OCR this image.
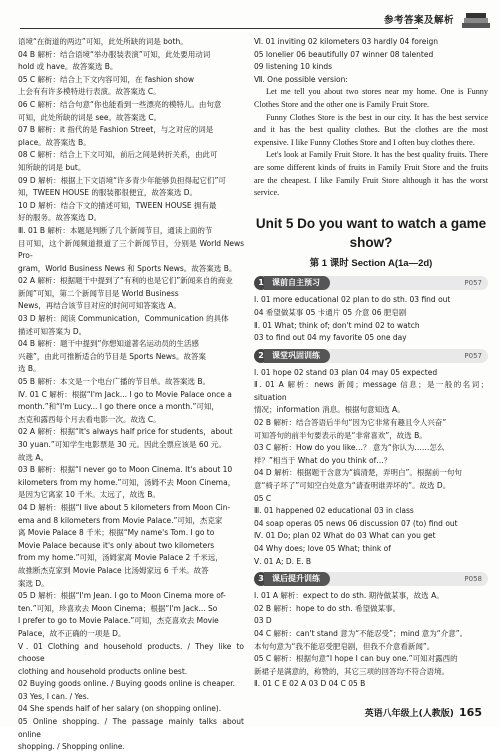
参考答案及解析

语境“在街道的两边”可知，此处所缺的词是 both。

04 B 解析：结合语境“举办服装表演”可知，此处要用动词

hold 或 have。故答案选 B。

05 C 解析：结合上下文内容可知，在 fashion show

上会有有许多模特进行表演。故答案选 C。

06 C 解析：结合句意“你也能看到一些漂亮的模特儿。由句意

可知，此处所缺的词是 see。故答案选 C。

07 B 解析：it 指代的是 Fashion Street，与之对应的词是

place。故答案选 B。

08 C 解析：结合上下文可知，前后之间是转折关系，由此可

知所缺的词是 but。

09 D 解析：根据上下文语境“许多青少年能够负担得起它们”可

知，TWEEN HOUSE 的服装都很便宜，故答案选 D。

10 D 解析：结合下文的描述可知，TWEEN HOUSE 拥有最

好的服务。故答案选 D。

Ⅲ. 01 B 解析：本题是判断了几个新闻节目，通读上面的节

目可知，这个新闻频道报道了三个新闻节目，分别是 World News Pro-

gram，World Business News 和 Sports News。故答案选 B。

02 A 解析：根据题干中提到了“有利的也是它们”新闻来自的商业

新闻”可知，第二个新闻节目是 World Business

News，再结合该节目对应的时间可知答案选 A。

03 D 解析：阅读 Communication，Communication 的具体

描述可知答案为 D。

04 B 解析：题干中提到“你想知道著名运动员的生活感

兴趣”，由此可推断适合的节目是 Sports News。故答案

选 B。

05 B 解析：本文是一个电台广播的节目单。故答案选 B。

Ⅳ. 01 C 解析：根据“I'm Jack... I go to Movie Palace once a

month.”和“I'm Lucy... I go there once a month.”可知，

杰克和露西每个月去看电影一次。故选 C。

02 A 解析：根据“It's always half price for students，about

30 yuan.”可知学生电影票是 30 元。因此全票应该是 60 元。

故选 A。

03 B 解析：根据“I never go to Moon Cinema. It's about 10

kilometers from my home.”可知，汤姆不去 Moon Cinema，

是因为它离家 10 千米。太远了，故选 B。

04 D 解析：根据“I live about 5 kilometers from Moon Cin-

ema and 8 kilometers from Movie Palace.”可知，杰克家

离 Movie Palace 8 千米；根据“My name's Tom. I go to

Movie Palace because it's only about two kilometers

from my home.”可知，汤姆家离 Movie Palace 2 千米远，

故推断杰克家到 Movie Palace 比汤姆家远 6 千米。故答

案选 D。

05 D 解析：根据“I'm Jean. I go to Moon Cinema more of-

ten.”可知，珍喜欢去 Moon Cinema；根据“I'm Jack... So

I prefer to go to Movie Palace.”可知，杰克喜欢去 Movie

Palace，故不正确的一项是 D。

Ⅴ. 01 Clothing and household products. / They like to choose

clothing and household products online best.

02 Buying goods online. / Buying goods online is cheaper.

03 Yes, I can. / Yes.

04 She spends half of her salary (on shopping online).

05 Online shopping. / The passage mainly talks about online

shopping. / Shopping online.

Ⅵ. 01 inviting 02 kilometers 03 hardly 04 foreign

05 lonelier 06 beautifully 07 winner 08 talented

09 listening 10 kinds

Ⅶ. One possible version:

Let me tell you about two stores near my home. One is Funny Clothes Store and the other one is Family Fruit Store.

Funny Clothes Store is the best in our city. It has the best service and it has the best quality clothes. But the clothes are the most expensive. I like Funny Clothes Store and I often buy clothes there.

Let's look at Family Fruit Store. It has the best quality fruits. There are some different kinds of fruits in Family Fruit Store and the fruits are the cheapest. I like Family Fruit Store although it has the worst service.

Unit 5 Do you want to watch a game show?
第 1 课时 Section A(1a—2d)
1	课前自主预习	P057

Ⅰ. 01 more educational 02 plan to do sth. 03 find out

04 希望做某事 05 卡通片 05 介意 06 肥皂剧

Ⅱ. 01 What; think of; don't mind 02 to watch

03 to find out 04 my favorite 05 one day

2	课堂巩固训练	P057

Ⅰ. 01 hope 02 stand 03 plan 04 may 05 expected

Ⅱ. 01 A 解析：news 新闻；message 信息；是一般的名词；situation

情况；information 消息。根据句意知选 A。

02 B 解析：结合答语后半句“因为它非常有趣且令人兴奋”

可知答句的前半句要表示的是“非常喜欢”，故选 B。

03 C 解析：How do you like…？ 意为“你认为……怎么

样？”相当于 What do you think of…？

04 D 解析：根据题干含意为“搞清楚，弄明白”。根据前一句句

意“椅子坏了”可知空白处意为“请查明谁弄坏的”。故选 D。

05 C

Ⅲ. 01 happened 02 educational 03 in class

04 soap operas 05 news 06 discussion 07 (to) find out

Ⅳ. 01 Do; plan 02 What do 03 What can you get

04 Why does; love 05 What; think of

Ⅴ. 01 A; D. E. B

3	课后提升训练	P058

Ⅰ. 01 A 解析：expect to do sth. 期待做某事，故选 A。

02 B 解析：hope to do sth. 希望做某事。

03 D

04 C 解析：can't stand 意为“不能忍受”；mind 意为“介意”。

本句句意为“我不能忍受肥皂剧，但我不介意看新闻”。

05 C 解析：根据句意“I hope I can buy one.”可知对露西的

新裙子是满意的，称赞的，其它三项的回答均不符合语境。

Ⅱ. 01 C E 02 A 03 D 04 C 05 B

英语八年级上(人教版) 165
